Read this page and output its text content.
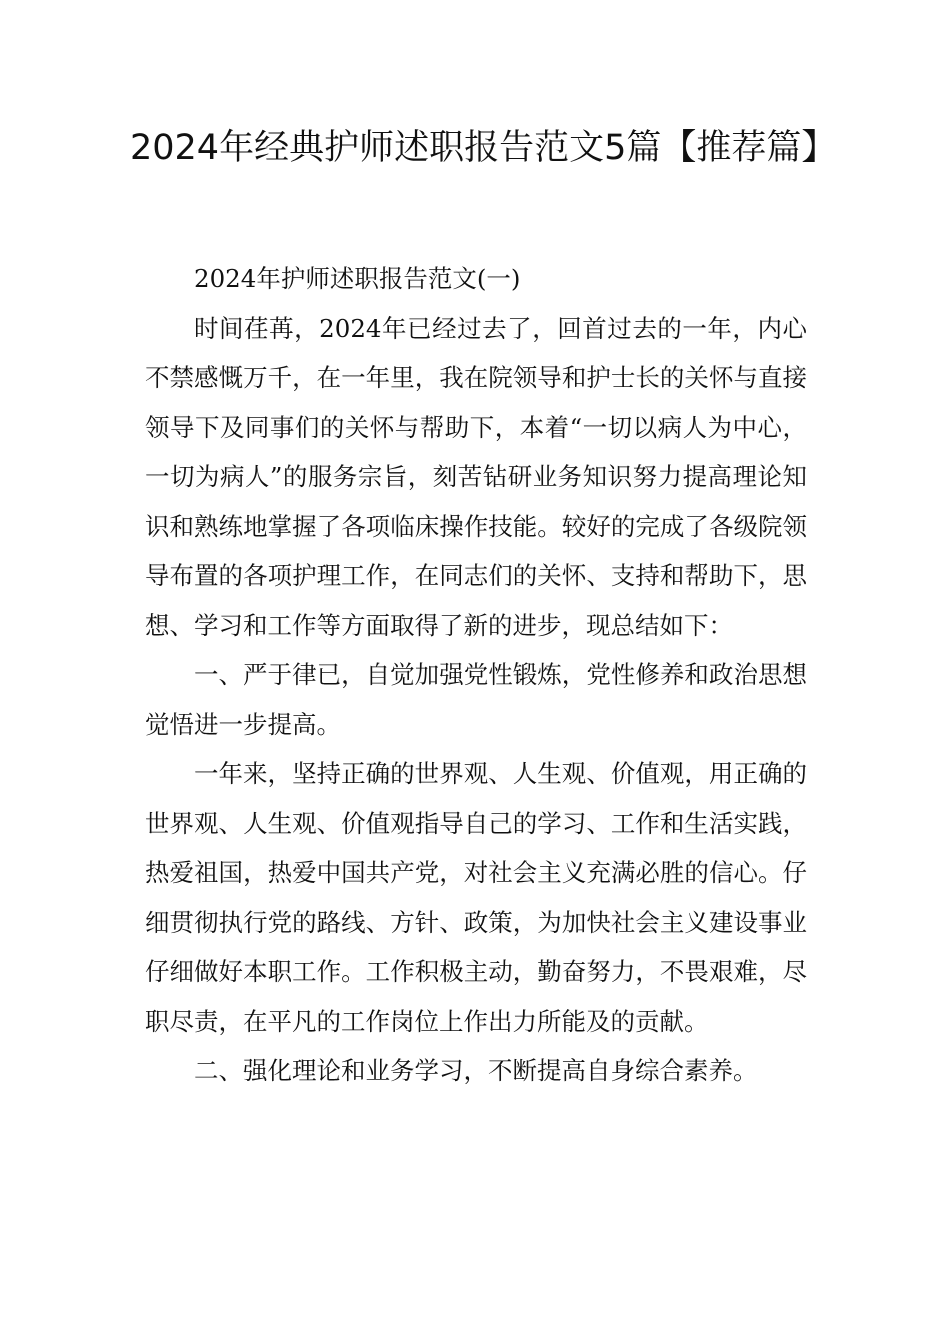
2024年经典护师述职报告范文5篇【推荐篇】

2024年护师述职报告范文(一)

时间荏苒，2024年已经过去了，回首过去的一年，内心不禁感慨万千，在一年里，我在院领导和护士长的关怀与直接领导下及同事们的关怀与帮助下，本着“一切以病人为中心，一切为病人”的服务宗旨，刻苦钻研业务知识努力提高理论知识和熟练地掌握了各项临床操作技能。较好的完成了各级院领导布置的各项护理工作，在同志们的关怀、支持和帮助下，思想、学习和工作等方面取得了新的进步，现总结如下：

一、严于律已，自觉加强党性锻炼，党性修养和政治思想觉悟进一步提高。

一年来，坚持正确的世界观、人生观、价值观，用正确的世界观、人生观、价值观指导自己的学习、工作和生活实践，热爱祖国，热爱中国共产党，对社会主义充满必胜的信心。仔细贯彻执行党的路线、方针、政策，为加快社会主义建设事业仔细做好本职工作。工作积极主动，勤奋努力，不畏艰难，尽职尽责，在平凡的工作岗位上作出力所能及的贡献。

二、强化理论和业务学习，不断提高自身综合素养。
